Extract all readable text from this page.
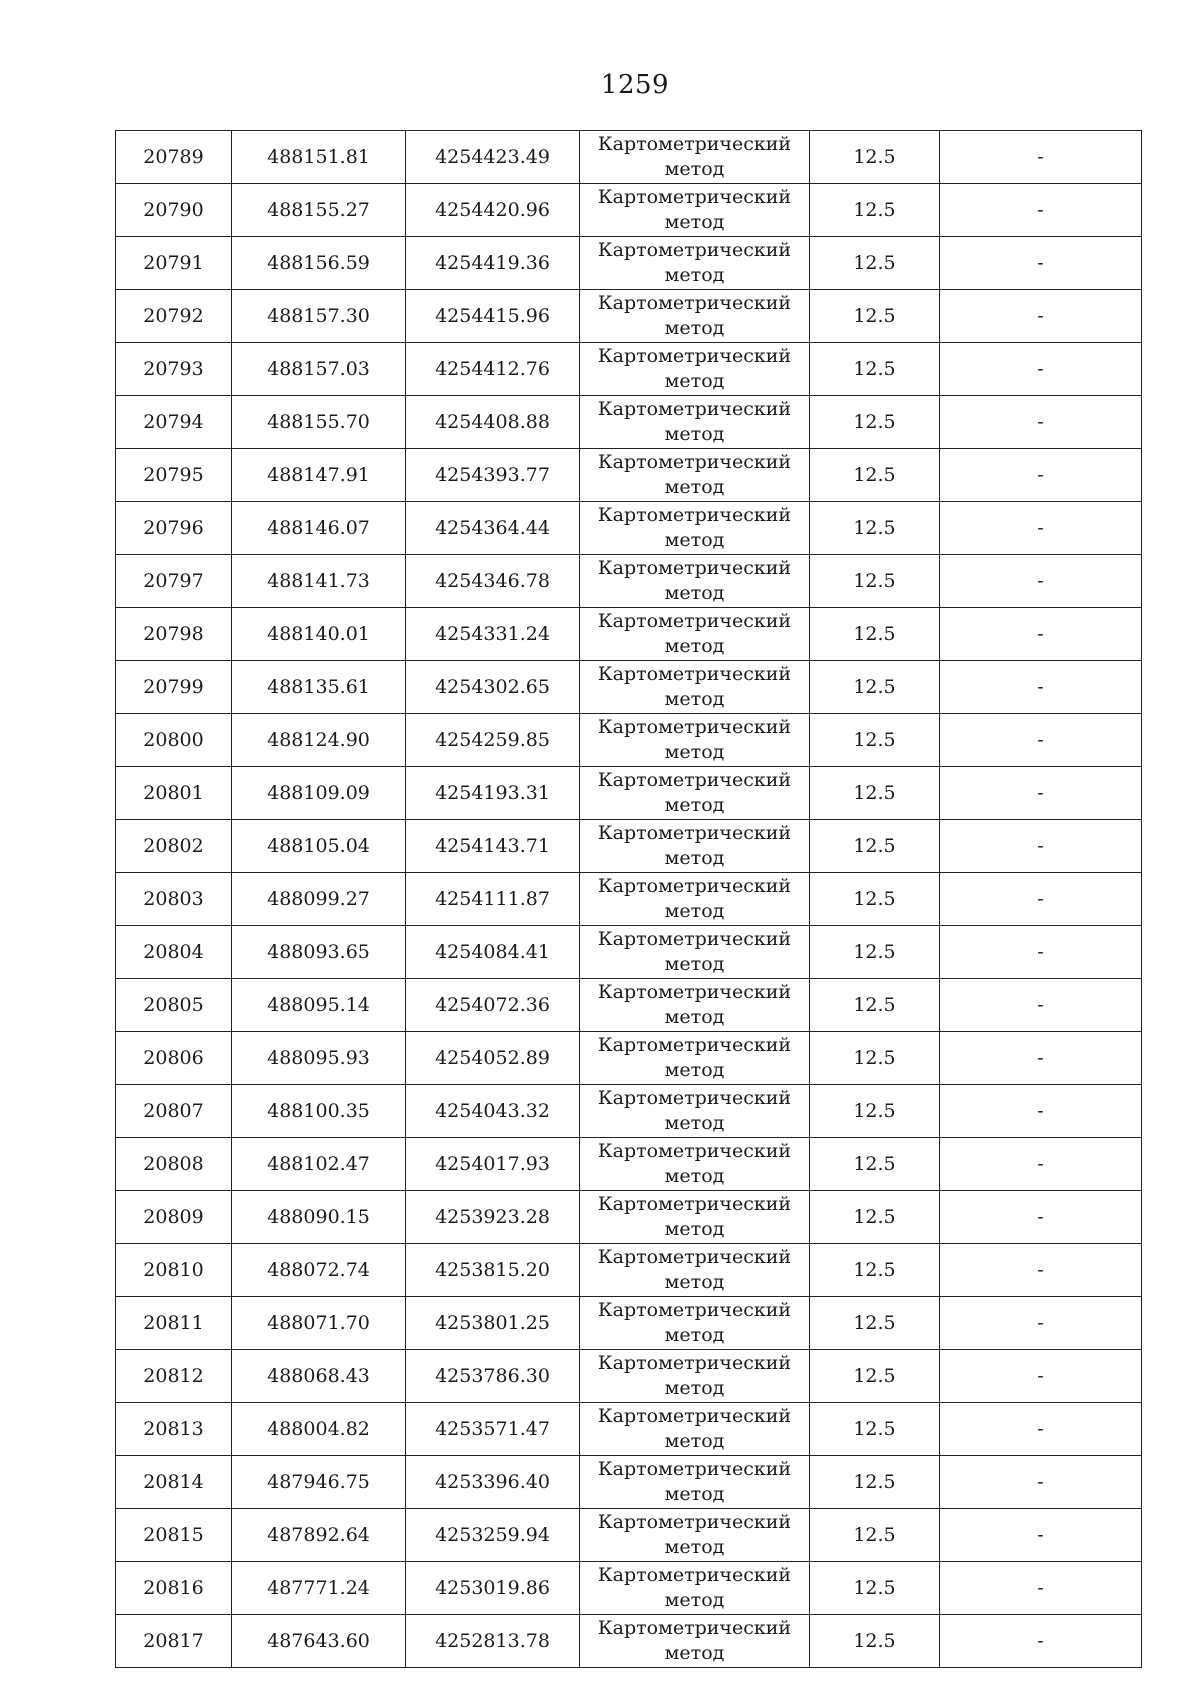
1259
20789	488151.81	4254423.49	Картометрический
метод	12.5	-
20790	488155.27	4254420.96	Картометрический
метод	12.5	-
20791	488156.59	4254419.36	Картометрический
метод	12.5	-
20792	488157.30	4254415.96	Картометрический
метод	12.5	-
20793	488157.03	4254412.76	Картометрический
метод	12.5	-
20794	488155.70	4254408.88	Картометрический
метод	12.5	-
20795	488147.91	4254393.77	Картометрический
метод	12.5	-
20796	488146.07	4254364.44	Картометрический
метод	12.5	-
20797	488141.73	4254346.78	Картометрический
метод	12.5	-
20798	488140.01	4254331.24	Картометрический
метод	12.5	-
20799	488135.61	4254302.65	Картометрический
метод	12.5	-
20800	488124.90	4254259.85	Картометрический
метод	12.5	-
20801	488109.09	4254193.31	Картометрический
метод	12.5	-
20802	488105.04	4254143.71	Картометрический
метод	12.5	-
20803	488099.27	4254111.87	Картометрический
метод	12.5	-
20804	488093.65	4254084.41	Картометрический
метод	12.5	-
20805	488095.14	4254072.36	Картометрический
метод	12.5	-
20806	488095.93	4254052.89	Картометрический
метод	12.5	-
20807	488100.35	4254043.32	Картометрический
метод	12.5	-
20808	488102.47	4254017.93	Картометрический
метод	12.5	-
20809	488090.15	4253923.28	Картометрический
метод	12.5	-
20810	488072.74	4253815.20	Картометрический
метод	12.5	-
20811	488071.70	4253801.25	Картометрический
метод	12.5	-
20812	488068.43	4253786.30	Картометрический
метод	12.5	-
20813	488004.82	4253571.47	Картометрический
метод	12.5	-
20814	487946.75	4253396.40	Картометрический
метод	12.5	-
20815	487892.64	4253259.94	Картометрический
метод	12.5	-
20816	487771.24	4253019.86	Картометрический
метод	12.5	-
20817	487643.60	4252813.78	Картометрический
метод	12.5	-
